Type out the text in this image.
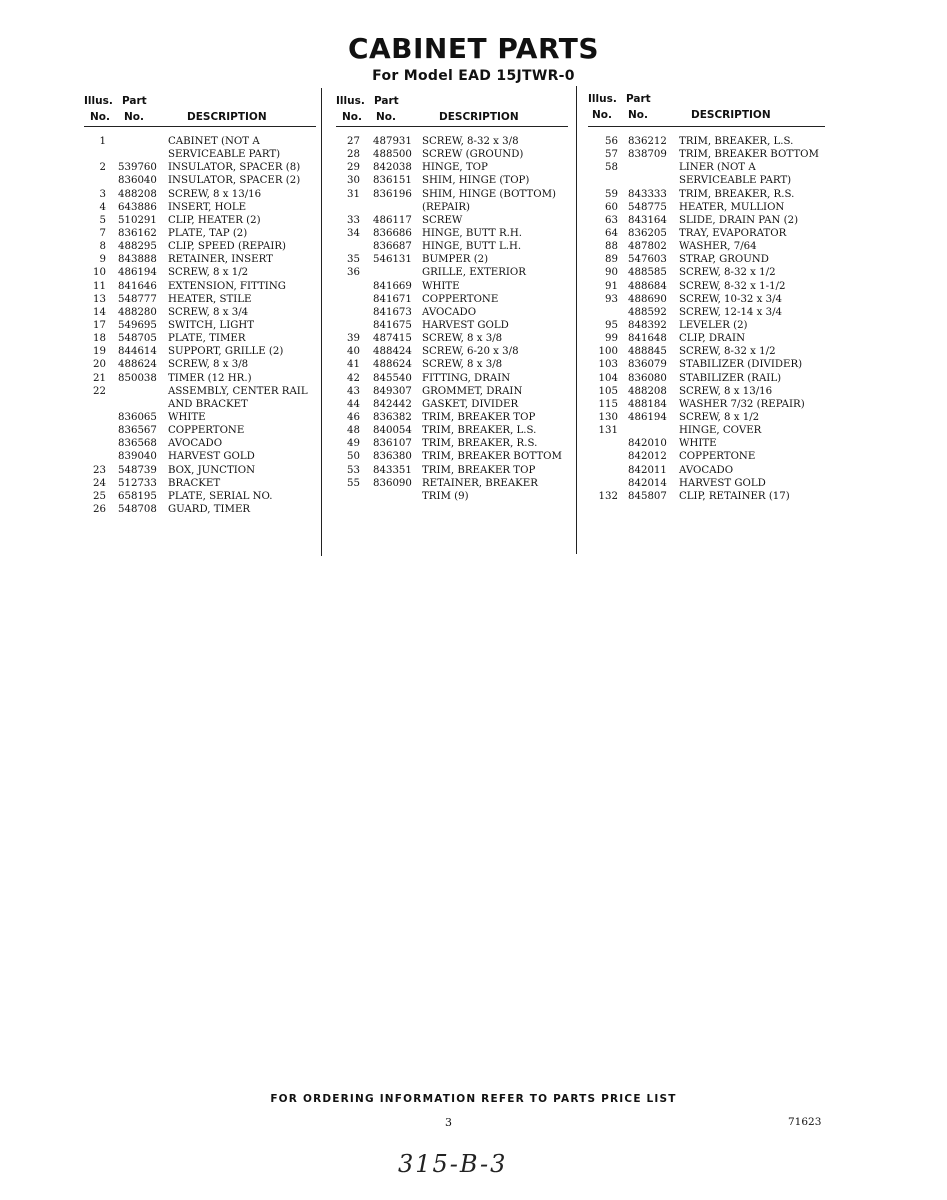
CABINET PARTS
For Model EAD 15JTWR-0
Illus. Part
No. No.	DESCRIPTION
1	CABINET (NOT A
SERVICEABLE PART)
2 539760 INSULATOR, SPACER (8)
836040 INSULATOR, SPACER (2)
3 488208 SCREW, 8 x 13/16
4 643886 INSERT, HOLE
5 510291 CLIP, HEATER (2)
7 836162 PLATE, TAP (2)
8 488295 CLIP, SPEED (REPAIR)
9 843888 RETAINER, INSERT
10 486194 SCREW, 8 x 1/2
11 841646 EXTENSION, FITTING
13 548777 HEATER, STILE
14 488280 SCREW, 8 x 3/4
17 549695 SWITCH, LIGHT
18 548705 PLATE, TIMER
19 844614 SUPPORT, GRILLE (2)
20 488624 SCREW, 8 x 3/8
21 850038 TIMER (12 HR.)
22	ASSEMBLY, CENTER RAIL
AND BRACKET
836065 WHITE
836567 COPPERTONE
836568 AVOCADO
839040 HARVEST GOLD
23 548739 BOX, JUNCTION
24 512733 BRACKET
25 658195 PLATE, SERIAL NO.
26 548708 GUARD, TIMER
Illus. Part
No. No.	DESCRIPTION
27 487931 SCREW, 8-32 x 3/8
28 488500 SCREW (GROUND)
29 842038 HINGE, TOP
30 836151 SHIM, HINGE (TOP)
31 836196 SHIM, HINGE (BOTTOM)
(REPAIR)
33 486117 SCREW
34 836686 HINGE, BUTT R.H.
836687 HINGE, BUTT L.H.
35 546131 BUMPER (2)
36	GRILLE, EXTERIOR
841669 WHITE
841671 COPPERTONE
841673 AVOCADO
841675 HARVEST GOLD
39 487415 SCREW, 8 x 3/8
40 488424 SCREW, 6-20 x 3/8
41 488624 SCREW, 8 x 3/8
42 845540 FITTING, DRAIN
43 849307 GROMMET, DRAIN
44 842442 GASKET, DIVIDER
46 836382 TRIM, BREAKER TOP
48 840054 TRIM, BREAKER, L.S.
49 836107 TRIM, BREAKER, R.S.
50 836380 TRIM, BREAKER BOTTOM
53 843351 TRIM, BREAKER TOP
55 836090 RETAINER, BREAKER
TRIM (9)
Illus. Part
No. No.	DESCRIPTION
56 836212 TRIM, BREAKER, L.S.
57 838709 TRIM, BREAKER BOTTOM
58	LINER (NOT A
SERVICEABLE PART)
59 843333 TRIM, BREAKER, R.S.
60 548775 HEATER, MULLION
63 843164 SLIDE, DRAIN PAN (2)
64 836205 TRAY, EVAPORATOR
88 487802 WASHER, 7/64
89 547603 STRAP, GROUND
90 488585 SCREW, 8-32 x 1/2
91 488684 SCREW, 8-32 x 1-1/2
93 488690 SCREW, 10-32 x 3/4
488592 SCREW, 12-14 x 3/4
95 848392 LEVELER (2)
99 841648 CLIP, DRAIN
100 488845 SCREW, 8-32 x 1/2
103 836079 STABILIZER (DIVIDER)
104 836080 STABILIZER (RAIL)
105 488208 SCREW, 8 x 13/16
115 488184 WASHER 7/32 (REPAIR)
130 486194 SCREW, 8 x 1/2
131	HINGE, COVER
842010 WHITE
842012 COPPERTONE
842011 AVOCADO
842014 HARVEST GOLD
132 845807 CLIP, RETAINER (17)
FOR ORDERING INFORMATION REFER TO PARTS PRICE LIST
3	71623
315-B-3
